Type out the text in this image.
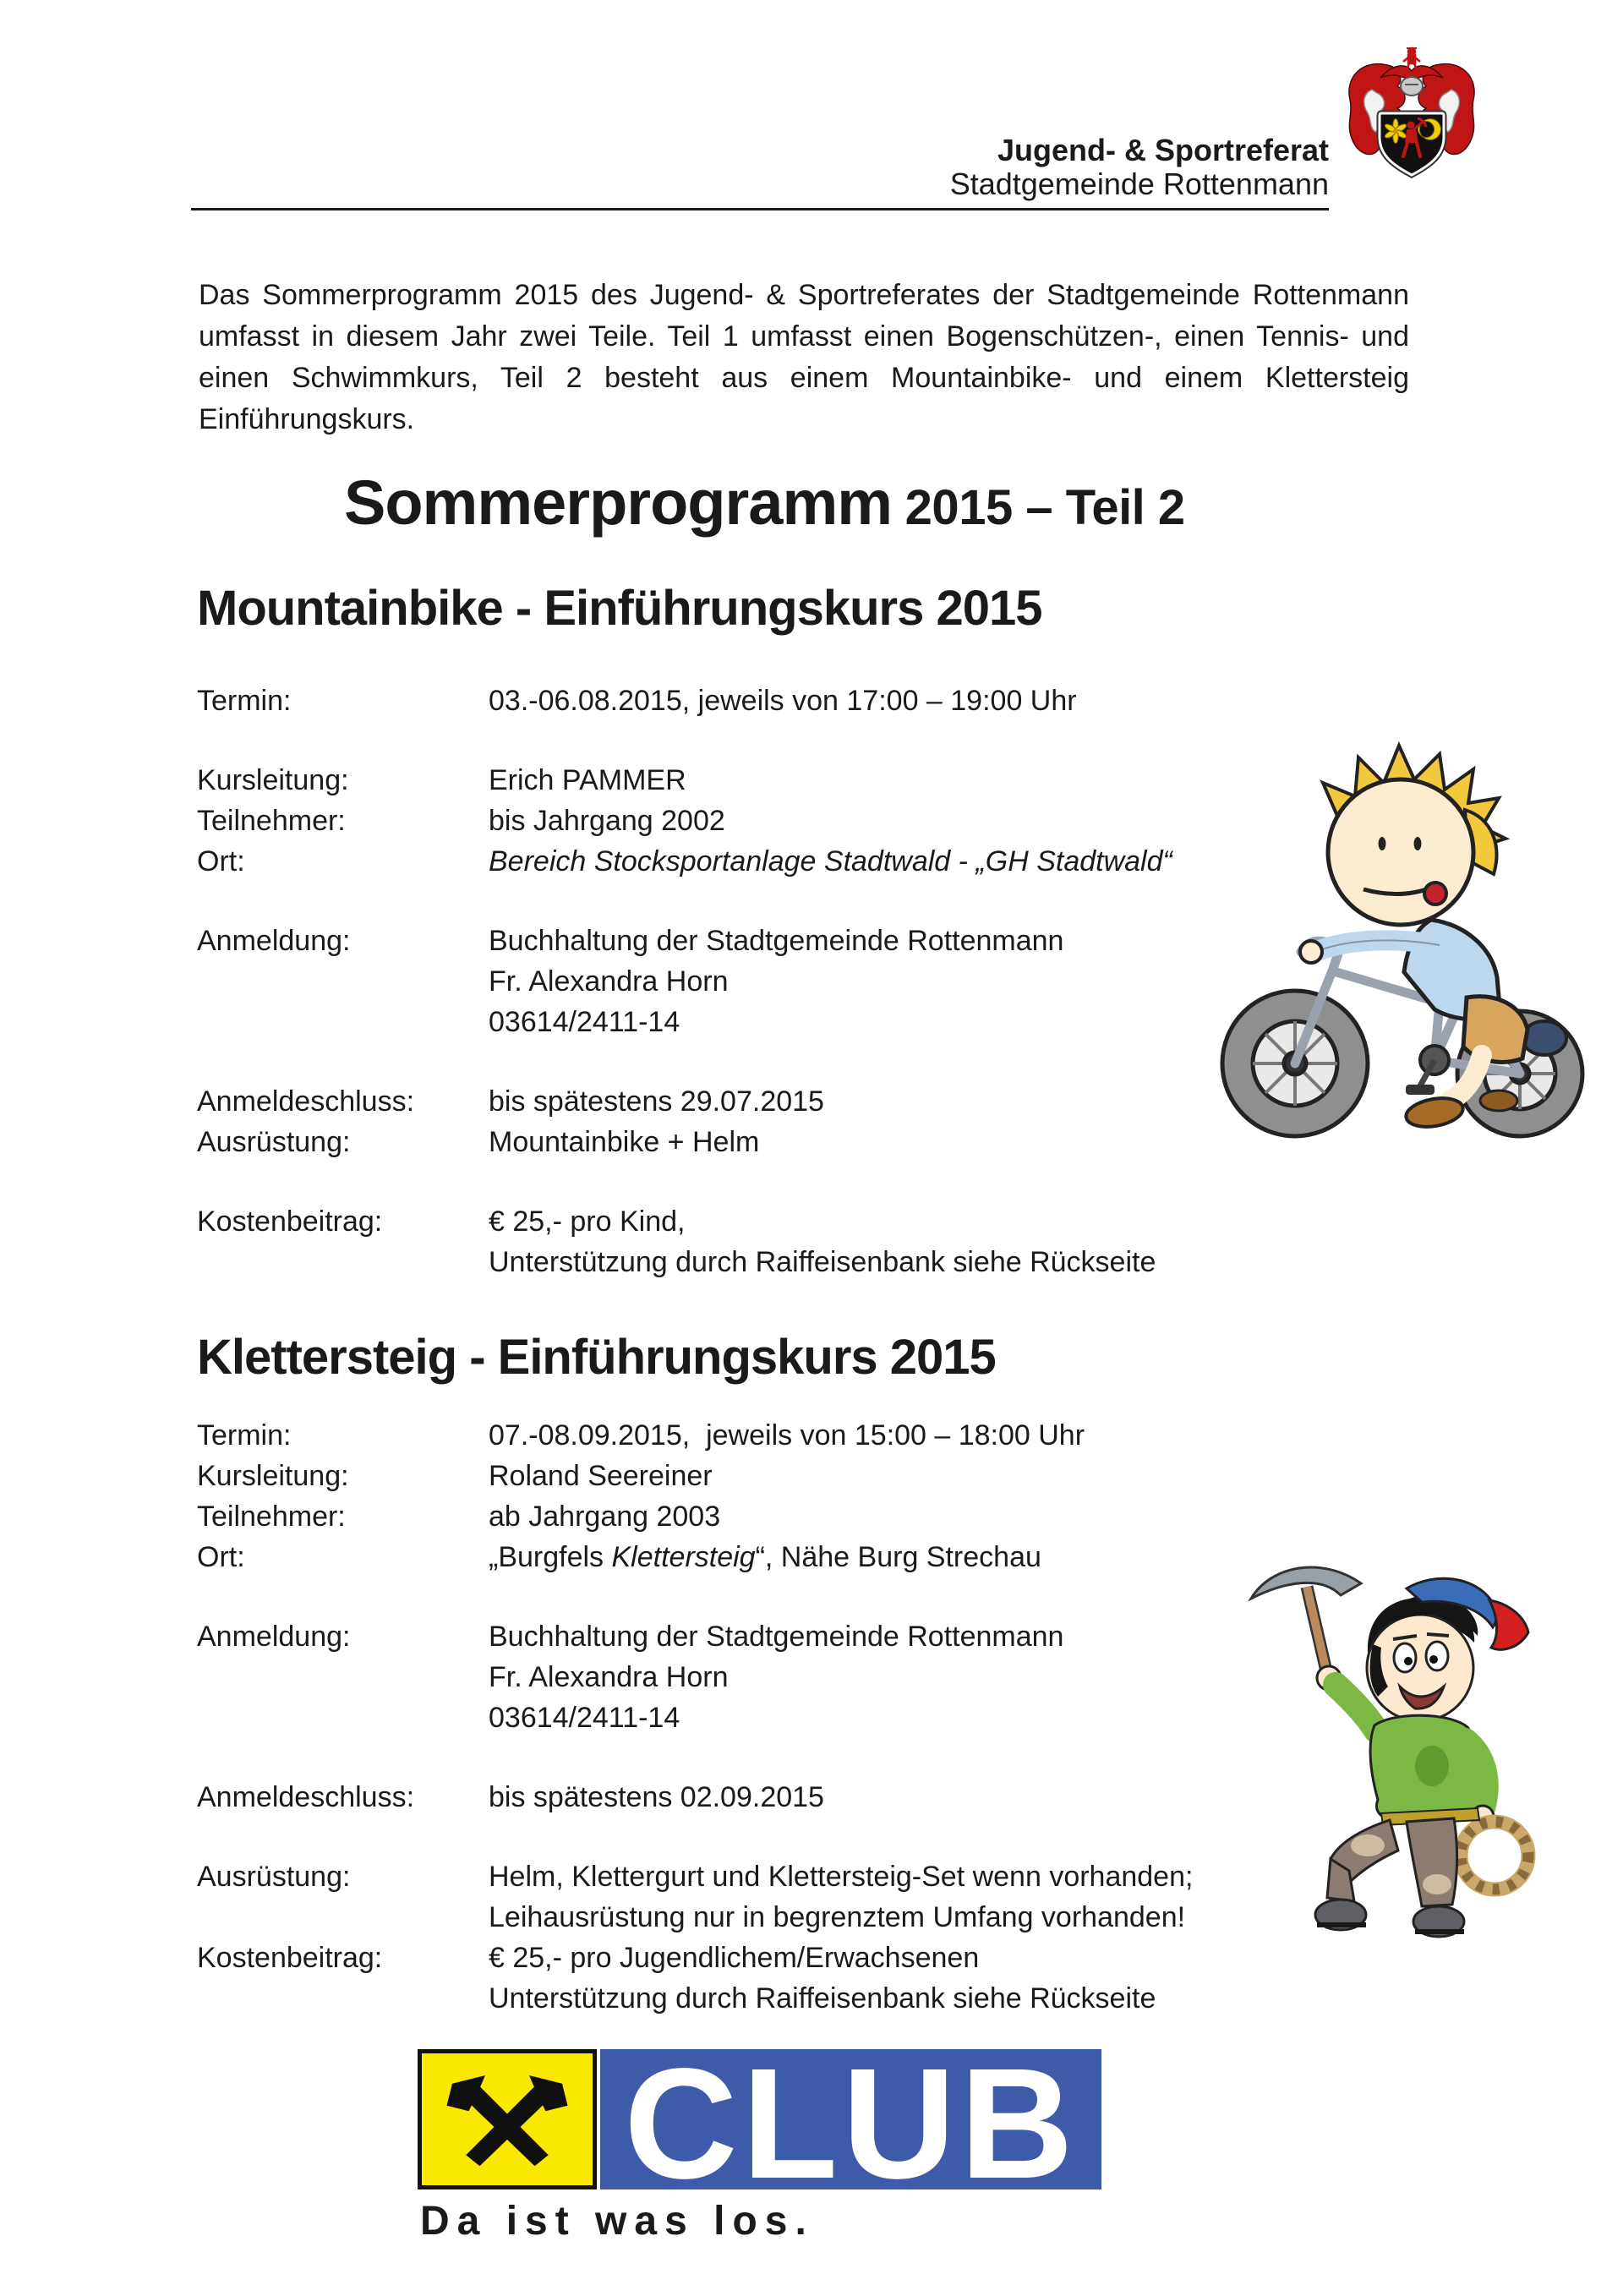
Jugend- & Sportreferat
Stadtgemeinde Rottenmann
Das Sommerprogramm 2015 des Jugend- & Sportreferates der Stadtgemeinde Rottenmann umfasst in diesem Jahr zwei Teile. Teil 1 umfasst einen Bogenschützen-, einen Tennis- und einen Schwimmkurs, Teil 2 besteht aus einem Mountainbike- und einem Klettersteig Einführungskurs.
Sommerprogramm 2015 – Teil 2
Mountainbike - Einführungskurs 2015
Termin:	03.-06.08.2015, jeweils von 17:00 – 19:00 Uhr
Kursleitung:	Erich PAMMER
Teilnehmer:	bis Jahrgang 2002
Ort:	Bereich Stocksportanlage Stadtwald - „GH Stadtwald“
Anmeldung:	Buchhaltung der Stadtgemeinde Rottenmann
Fr. Alexandra Horn
03614/2411-14
Anmeldeschluss:	bis spätestens 29.07.2015
Ausrüstung:	Mountainbike + Helm
Kostenbeitrag:	€ 25,- pro Kind,
Unterstützung durch Raiffeisenbank siehe Rückseite
Klettersteig - Einführungskurs 2015
Termin:	07.-08.09.2015,  jeweils von 15:00 – 18:00 Uhr
Kursleitung:	Roland Seereiner
Teilnehmer:	ab Jahrgang 2003
Ort:	„Burgfels Klettersteig“, Nähe Burg Strechau
Anmeldung:	Buchhaltung der Stadtgemeinde Rottenmann
Fr. Alexandra Horn
03614/2411-14
Anmeldeschluss:	bis spätestens 02.09.2015
Ausrüstung:	Helm, Klettergurt und Klettersteig-Set wenn vorhanden;
Leihausrüstung nur in begrenztem Umfang vorhanden!
Kostenbeitrag:	€ 25,- pro Jugendlichem/Erwachsenen
Unterstützung durch Raiffeisenbank siehe Rückseite
CLUB
Da ist was los.
